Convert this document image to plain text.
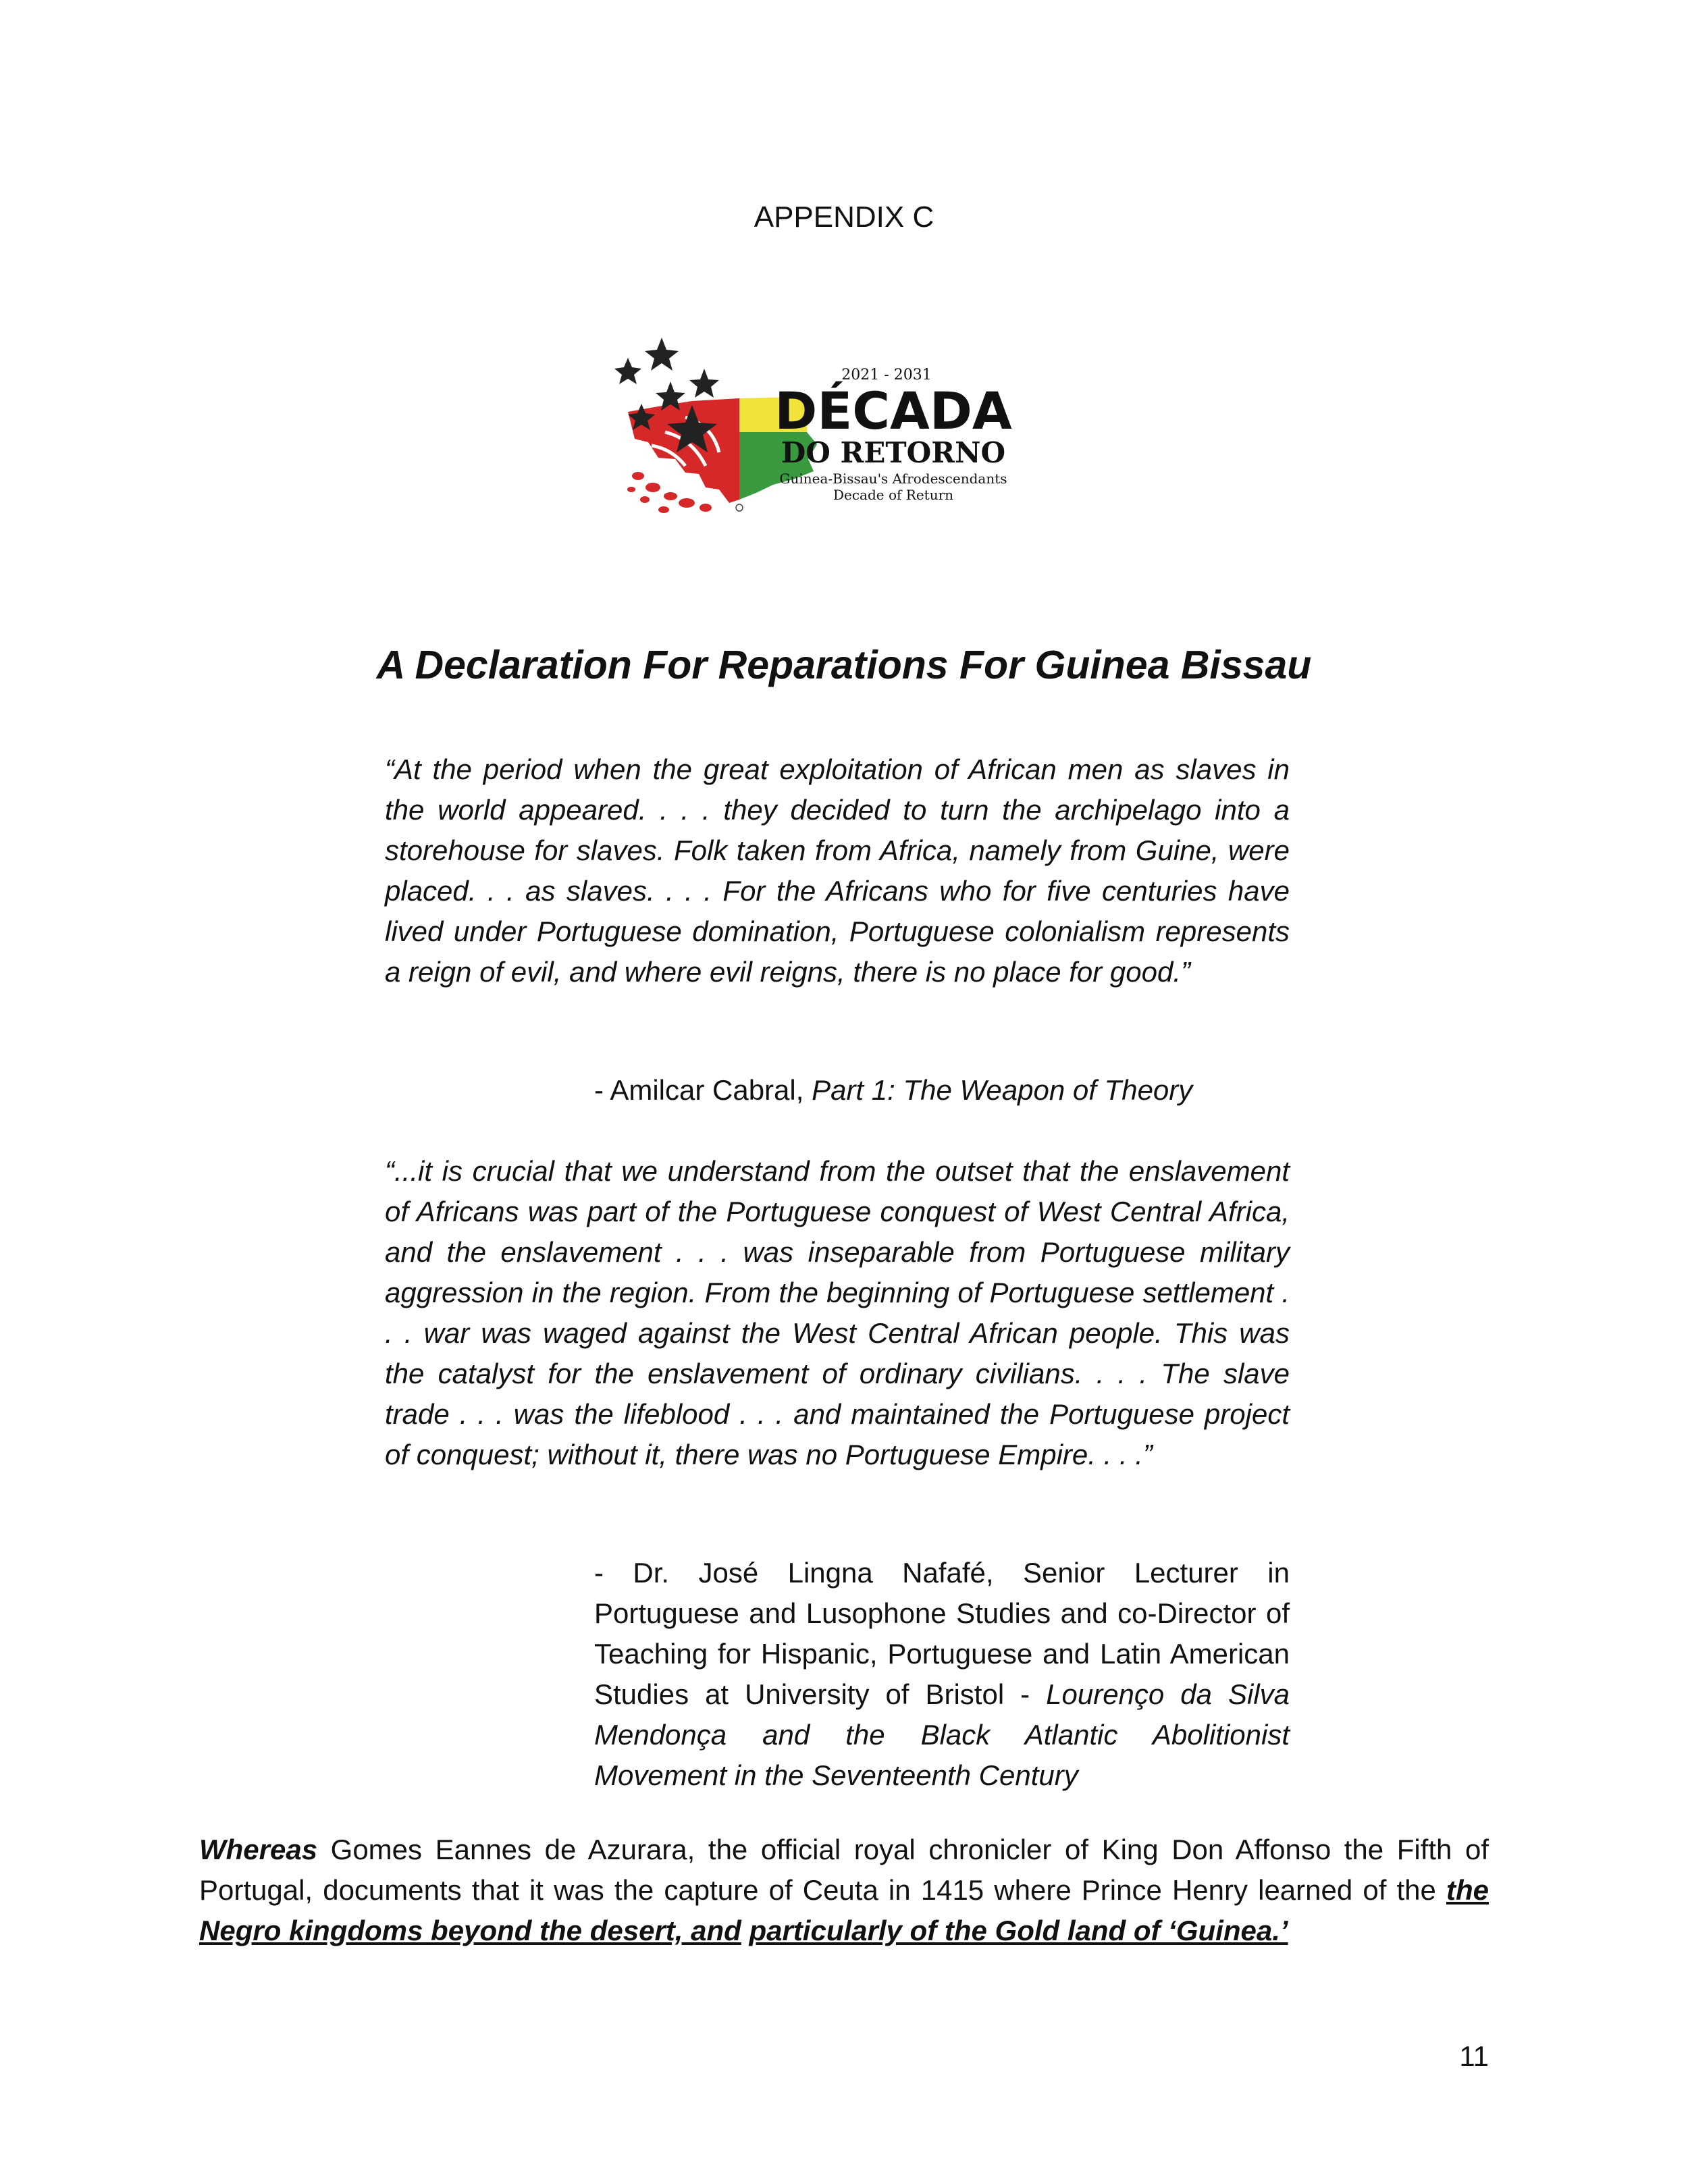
APPENDIX C
2021 - 2031
DÉCADA
DO RETORNO
Guinea-Bissau's Afrodescendants
Decade of Return
A Declaration For Reparations For Guinea Bissau

“At the period when the great exploitation of African men as slaves in the world appeared. . . . they decided to turn the archipelago into a storehouse for slaves. Folk taken from Africa, namely from Guine, were placed. . . as slaves. . . . For the Africans who for five centuries have lived under Portuguese domination, Portuguese colonialism represents a reign of evil, and where evil reigns, there is no place for good.”

- Amilcar Cabral, Part 1: The Weapon of Theory

“...it is crucial that we understand from the outset that the enslavement of Africans was part of the Portuguese conquest of West Central Africa, and the enslavement . . . was inseparable from Portuguese military aggression in the region. From the beginning of Portuguese settlement . . . war was waged against the West Central African people. This was the catalyst for the enslavement of ordinary civilians. . . . The slave trade . . . was the lifeblood . . . and maintained the Portuguese project of conquest; without it, there was no Portuguese Empire. . . .”

- Dr. José Lingna Nafafé, Senior Lecturer in Portuguese and Lusophone Studies and co-Director of Teaching for Hispanic, Portuguese and Latin American Studies at University of Bristol - Lourenço da Silva Mendonça and the Black Atlantic Abolitionist Movement in the Seventeenth Century

Whereas Gomes Eannes de Azurara, the official royal chronicler of King Don Affonso the Fifth of Portugal, documents that it was the capture of Ceuta in 1415 where Prince Henry learned of the the Negro kingdoms beyond the desert, and particularly of the Gold land of ‘Guinea.’

11
